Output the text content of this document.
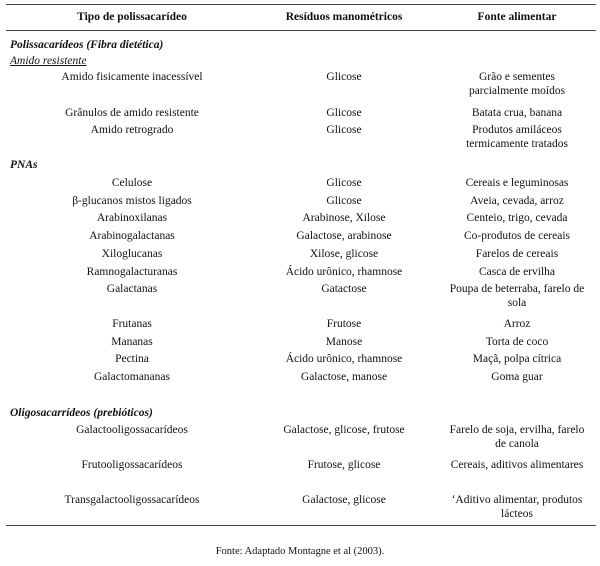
Tipo de polissacarídeo	Resíduos manométricos	Fonte alimentar
Polissacarídeos (Fibra dietética)
Amido resistente
Amido fisicamente inacessível	Glicose	Grão e sementes
parcialmente moídos
Grânulos de amido resistente	Glicose	Batata crua, banana
Amido retrogrado	Glicose	Produtos amiláceos
termicamente tratados
PNAs
Celulose	Glicose	Cereais e leguminosas
β-glucanos mistos ligados	Glicose	Aveia, cevada, arroz
Arabinoxilanas	Arabinose, Xilose	Centeio, trigo, cevada
Arabinogalactanas	Galactose, arabinose	Co-produtos de cereais
Xiloglucanas	Xilose, glicose	Farelos de cereais
Ramnogalacturanas	Ácido urônico, rhamnose	Casca de ervilha
Galactanas	Gatactose	Poupa de beterraba, farelo de
sola
Frutanas	Frutose	Arroz
Mananas	Manose	Torta de coco
Pectina	Ácido urônico, rhamnose	Maçã, polpa cítrica
Galactomananas	Galactose, manose	Goma guar
Oligosacarrídeos (prebióticos)
Galactooligossacarídeos	Galactose, glicose, frutose	Farelo de soja, ervilha, farelo
de canola
Frutooligossacarídeos	Frutose, glicose	Cereais, aditivos alimentares
Transgalactooligossacarídeos	Galactose, glicose	‘Aditivo alimentar, produtos
lácteos
Fonte: Adaptado Montagne et al (2003).
